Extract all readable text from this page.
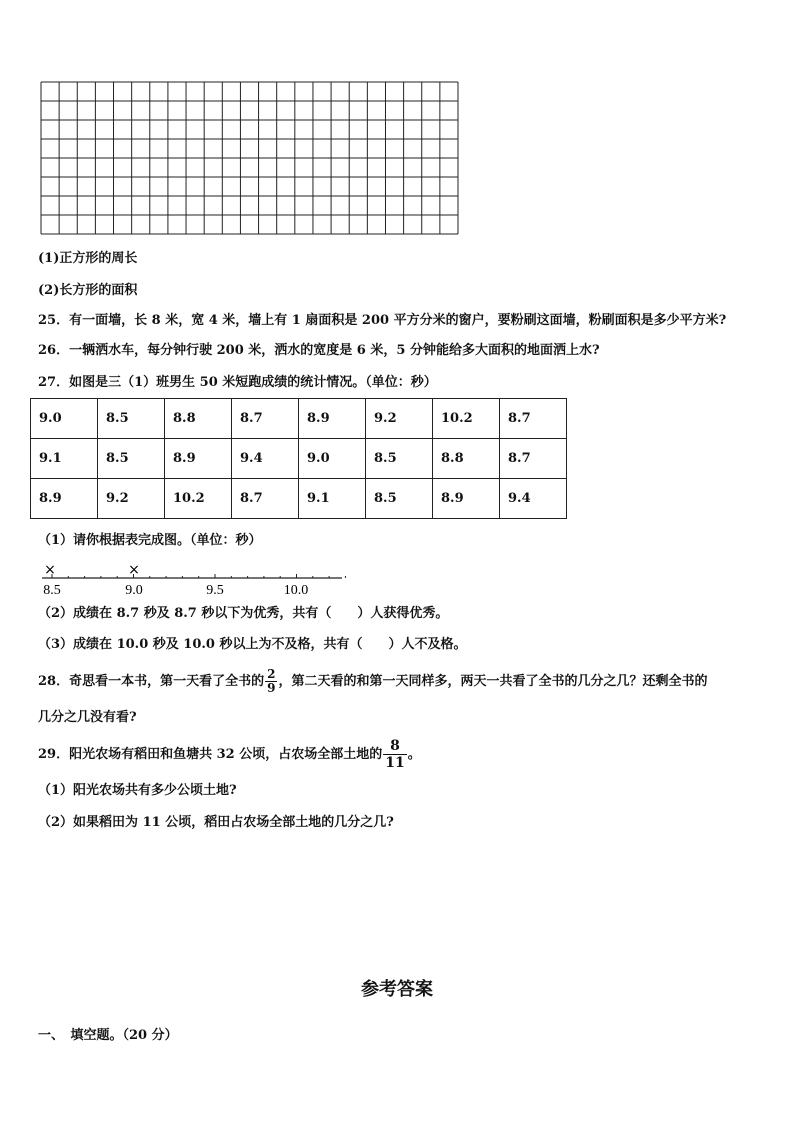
(1)正方形的周长
(2)长方形的面积
25．有一面墙，长 8 米，宽 4 米，墙上有 1 扇面积是 200 平方分米的窗户，要粉刷这面墙，粉刷面积是多少平方米?
26．一辆洒水车，每分钟行驶 200 米，洒水的宽度是 6 米，5 分钟能给多大面积的地面洒上水?
27．如图是三（1）班男生 50 米短跑成绩的统计情况。（单位：秒）
9.0	8.5	8.8	8.7	8.9	9.2	10.2	8.7
9.1	8.5	8.9	9.4	9.0	8.5	8.8	8.7
8.9	9.2	10.2	8.7	9.1	8.5	8.9	9.4
（1）请你根据表完成图。（单位：秒）
×	×
8.5	9.0	9.5	10.0
（2）成绩在 8.7 秒及 8.7 秒以下为优秀，共有（　　）人获得优秀。
（3）成绩在 10.0 秒及 10.0 秒以上为不及格，共有（　　）人不及格。
28．奇思看一本书，第一天看了全书的 $\frac{2}{9}$ ，第二天看的和第一天同样多，两天一共看了全书的几分之几？还剩全书的
几分之几没有看?
29．阳光农场有稻田和鱼塘共 32 公顷，占农场全部土地的 $\frac{8}{11}$ 。
（1）阳光农场共有多少公顷土地?
（2）如果稻田为 11 公顷，稻田占农场全部土地的几分之几?
参考答案
一、　填空题。（20 分）
